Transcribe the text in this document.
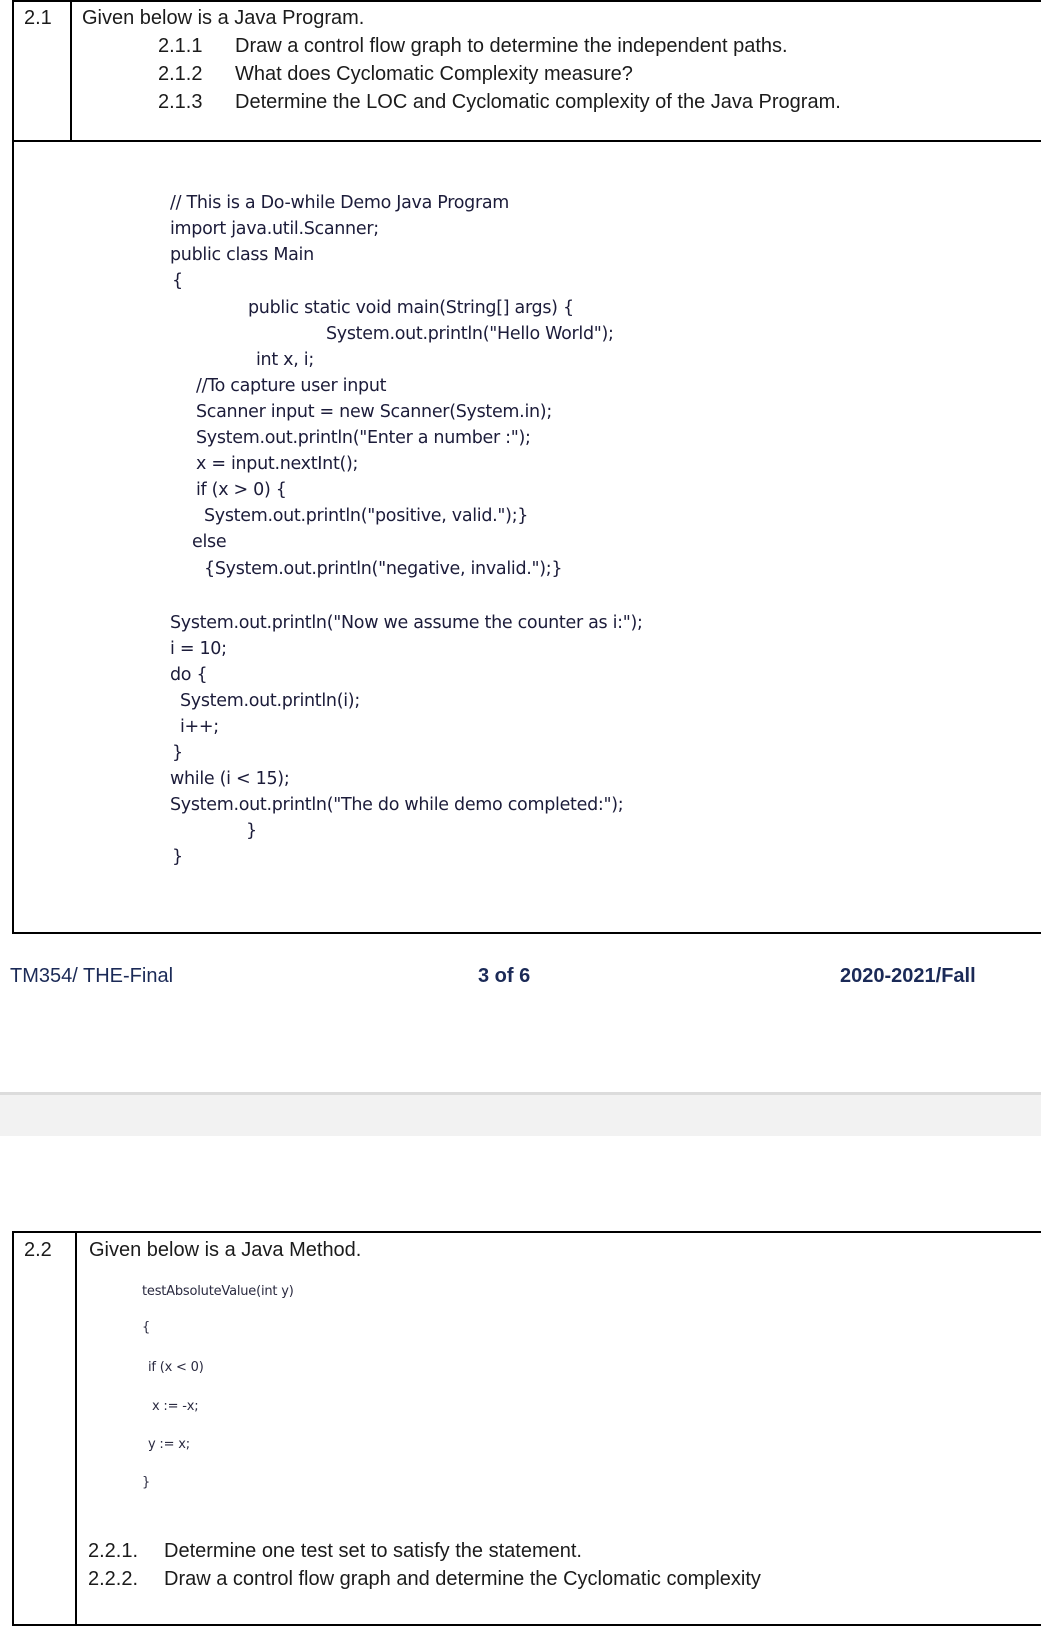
2.1 Given below is a Java Program.
2.1.1 Draw a control flow graph to determine the independent paths.
2.1.2 What does Cyclomatic Complexity measure?
2.1.3 Determine the LOC and Cyclomatic complexity of the Java Program.
// This is a Do-while Demo Java Program
import java.util.Scanner;
public class Main
{
public static void main(String[] args) {
System.out.println("Hello World");
int x, i;
//To capture user input
Scanner input = new Scanner(System.in);
System.out.println("Enter a number :");
x = input.nextInt();
if (x > 0) {
System.out.println("positive, valid.");}
else
{System.out.println("negative, invalid.");}
System.out.println("Now we assume the counter as i:");
i = 10;
do {
System.out.println(i);
i++;
}
while (i < 15);
System.out.println("The do while demo completed:");
}
}
TM354/ THE-Final	3 of 6	2020-2021/Fall
2.2 Given below is a Java Method.
testAbsoluteValue(int y)
{
if (x < 0)
x := -x;
y := x;
}
2.2.1. Determine one test set to satisfy the statement.
2.2.2. Draw a control flow graph and determine the Cyclomatic complexity
